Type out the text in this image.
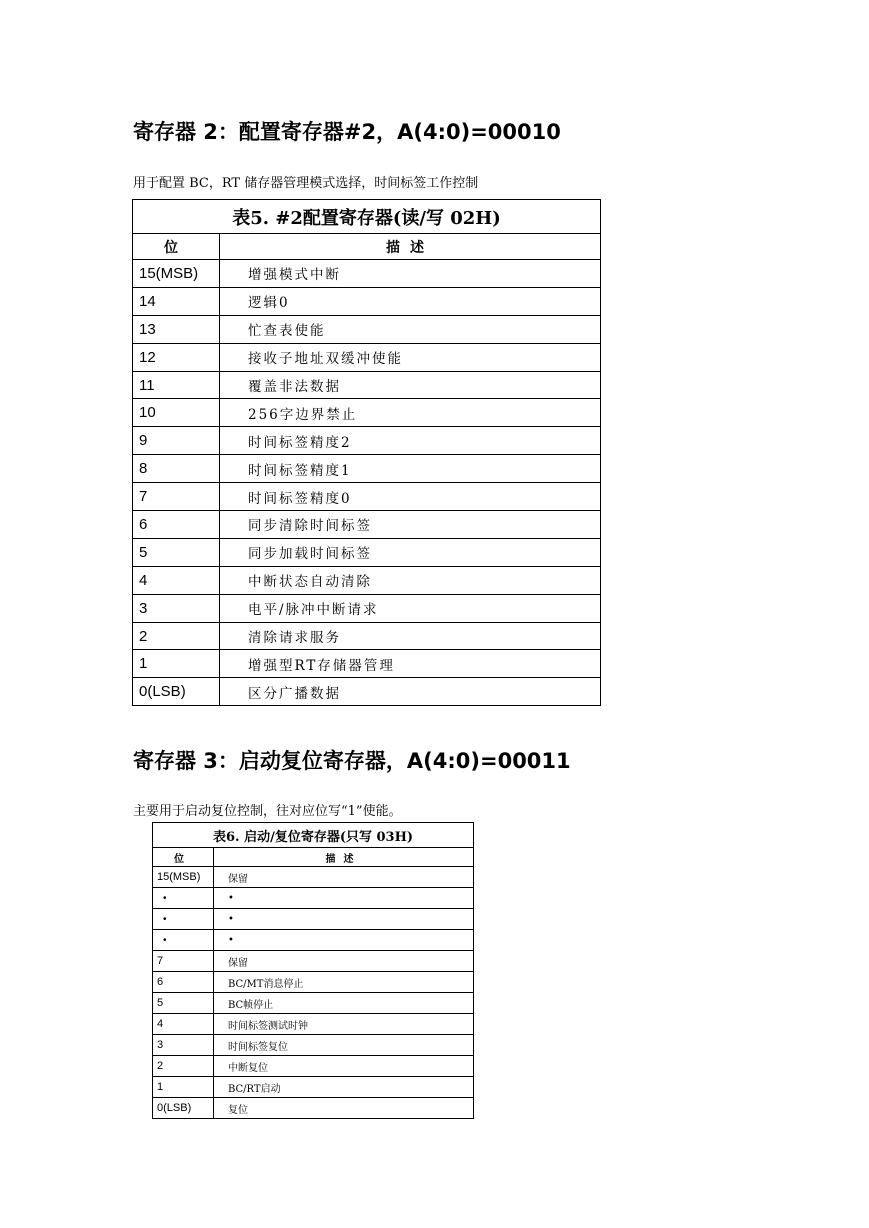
寄存器 2：配置寄存器#2，A(4:0)=00010

用于配置 BC，RT 储存器管理模式选择，时间标签工作控制

表5. #2配置寄存器(读/写 02H)	
位	描述
15(MSB)	增强模式中断
14	逻辑0
13	忙查表使能
12	接收子地址双缓冲使能
11	覆盖非法数据
10	256字边界禁止
9	时间标签精度2
8	时间标签精度1
7	时间标签精度0
6	同步清除时间标签
5	同步加载时间标签
4	中断状态自动清除
3	电平/脉冲中断请求
2	清除请求服务
1	增强型RT存储器管理
0(LSB)	区分广播数据
寄存器 3：启动复位寄存器，A(4:0)=00011

主要用于启动复位控制，往对应位写“1”使能。

表6. 启动/复位寄存器(只写 03H)	
位	描述
15(MSB)	保留
•	•
•	•
•	•
7	保留
6	BC/MT消息停止
5	BC帧停止
4	时间标签测试时钟
3	时间标签复位
2	中断复位
1	BC/RT启动
0(LSB)	复位
